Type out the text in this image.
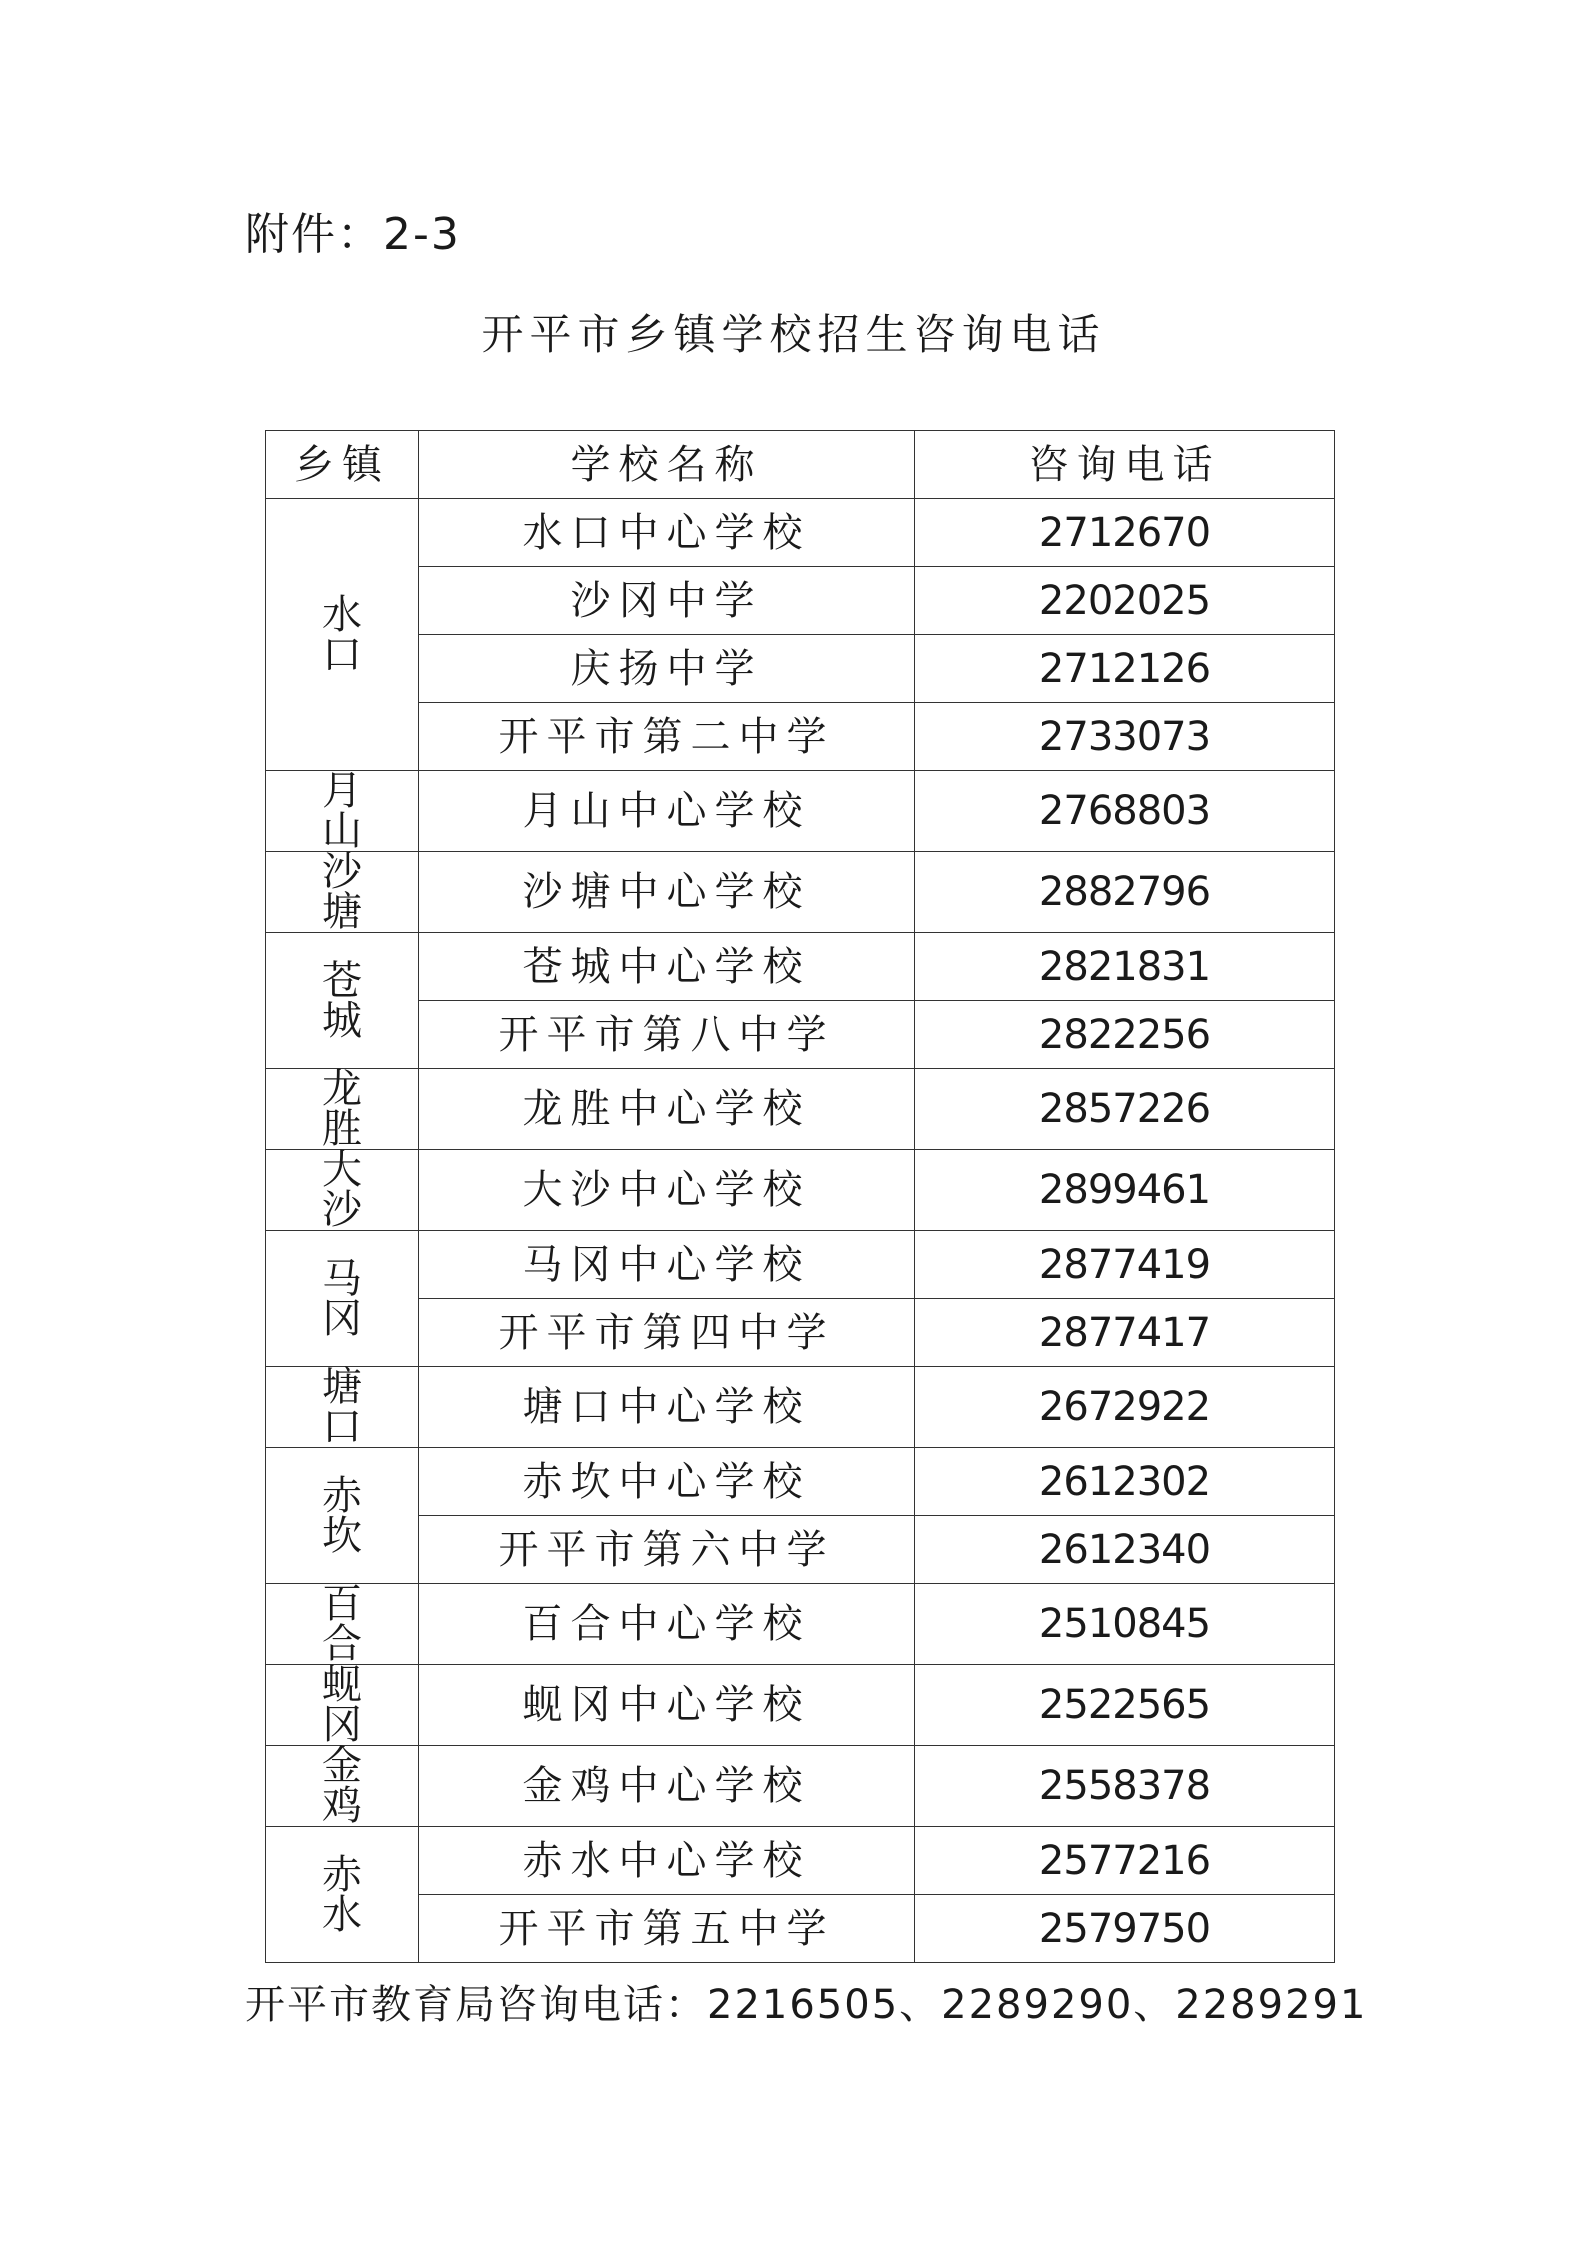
附件：2-3
开平市乡镇学校招生咨询电话
乡镇	学校名称	咨询电话
水口	水口中心学校	2712670
	沙冈中学	2202025
	庆扬中学	2712126
	开平市第二中学	2733073
月山	月山中心学校	2768803
沙塘	沙塘中心学校	2882796
苍城	苍城中心学校	2821831
	开平市第八中学	2822256
龙胜	龙胜中心学校	2857226
大沙	大沙中心学校	2899461
马冈	马冈中心学校	2877419
	开平市第四中学	2877417
塘口	塘口中心学校	2672922
赤坎	赤坎中心学校	2612302
	开平市第六中学	2612340
百合	百合中心学校	2510845
蚬冈	蚬冈中心学校	2522565
金鸡	金鸡中心学校	2558378
赤水	赤水中心学校	2577216
	开平市第五中学	2579750
开平市教育局咨询电话：2216505、2289290、2289291
